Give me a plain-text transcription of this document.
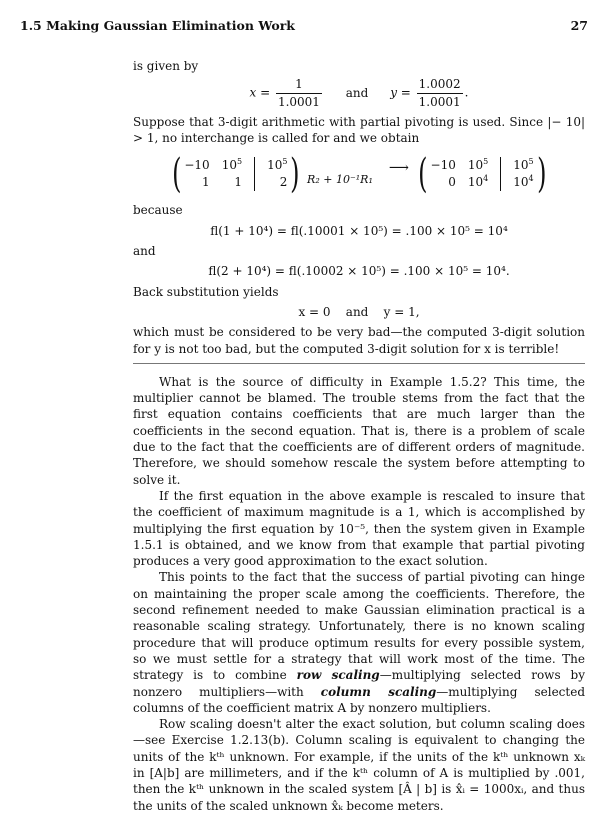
1.5 Making Gaussian Elimination Work	27

is given by

$x = \frac{1}{1.0001}$ and $y = \frac{1.0002}{1.0001}$ .

Suppose that 3-digit arithmetic with partial pivoting is used. Since |− 10| > 1, no interchange is called for and we obtain

( −10 $10^5$
1	1
$10^5$
2 ) R₂ + 10⁻¹R₁
⟶ ( −10 $10^5$
0 $10^4$
$10^5$
$10^4$ )

because

fl(1 + 10⁴) = fl(.10001 × 10⁵) = .100 × 10⁵ = 10⁴

and

fl(2 + 10⁴) = fl(.10002 × 10⁵) = .100 × 10⁵ = 10⁴.

Back substitution yields

x = 0    and    y = 1,

which must be considered to be very bad—the computed 3-digit solution for y is not too bad, but the computed 3-digit solution for x is terrible!

What is the source of difficulty in Example 1.5.2? This time, the multiplier cannot be blamed. The trouble stems from the fact that the first equation contains coefficients that are much larger than the coefficients in the second equation. That is, there is a problem of scale due to the fact that the coefficients are of different orders of magnitude. Therefore, we should somehow rescale the system before attempting to solve it.

If the first equation in the above example is rescaled to insure that the coefficient of maximum magnitude is a 1, which is accomplished by multiplying the first equation by 10⁻⁵, then the system given in Example 1.5.1 is obtained, and we know from that example that partial pivoting produces a very good approximation to the exact solution.

This points to the fact that the success of partial pivoting can hinge on maintaining the proper scale among the coefficients. Therefore, the second refinement needed to make Gaussian elimination practical is a reasonable scaling strategy. Unfortunately, there is no known scaling procedure that will produce optimum results for every possible system, so we must settle for a strategy that will work most of the time. The strategy is to combine row scaling—multiplying selected rows by nonzero multipliers—with column scaling—multiplying selected columns of the coefficient matrix A by nonzero multipliers.

Row scaling doesn't alter the exact solution, but column scaling does—see Exercise 1.2.13(b). Column scaling is equivalent to changing the units of the kᵗʰ unknown. For example, if the units of the kᵗʰ unknown xₖ in [A|b] are millimeters, and if the kᵗʰ column of A is multiplied by .001, then the kᵗʰ unknown in the scaled system [Â | b] is x̂ᵢ = 1000xᵢ, and thus the units of the scaled unknown x̂ₖ become meters.
